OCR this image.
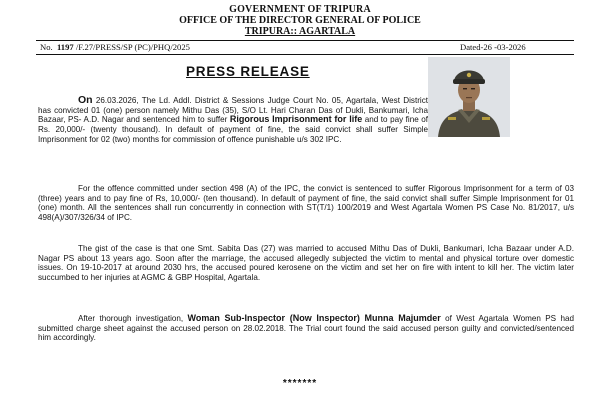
GOVERNMENT OF TRIPURA
OFFICE OF THE DIRECTOR GENERAL OF POLICE
TRIPURA:: AGARTALA
No.  1197 /F.27/PRESS/SP (PC)/PHQ/2025	Dated-26 -03-2026
PRESS RELEASE

On 26.03.2026, The Ld. Addl. District & Sessions Judge Court No. 05, Agartala, West District has convicted 01 (one) person namely Mithu Das (35), S/O Lt. Hari Charan Das of Dukli, Bankumari, Icha Bazaar, PS- A.D. Nagar and sentenced him to suffer Rigorous Imprisonment for life and to pay fine of Rs. 20,000/- (twenty thousand). In default of payment of fine, the said convict shall suffer Simple Imprisonment for 02 (two) months for commission of offence punishable u/s 302 IPC.

For the offence committed under section 498 (A) of the IPC, the convict is sentenced to suffer Rigorous Imprisonment for a term of 03 (three) years and to pay fine of Rs, 10,000/- (ten thousand). In default of payment of fine, the said convict shall suffer Simple Imprisonment for 01 (one) month. All the sentences shall run concurrently in connection with ST(T/1) 100/2019 and West Agartala Women PS Case No. 81/2017, u/s 498(A)/307/326/34 of IPC.

The gist of the case is that one Smt. Sabita Das (27) was married to accused Mithu Das of Dukli, Bankumari, Icha Bazaar under A.D. Nagar PS about 13 years ago. Soon after the marriage, the accused allegedly subjected the victim to mental and physical torture over domestic issues. On 19-10-2017 at around 2030 hrs, the accused poured kerosene on the victim and set her on fire with intent to kill her. The victim later succumbed to her injuries at AGMC & GBP Hospital, Agartala.

After thorough investigation, Woman Sub-Inspector (Now Inspector) Munna Majumder of West Agartala Women PS had submitted charge sheet against the accused person on 28.02.2018. The Trial court found the said accused person guilty and convicted/sentenced him accordingly.

*******
